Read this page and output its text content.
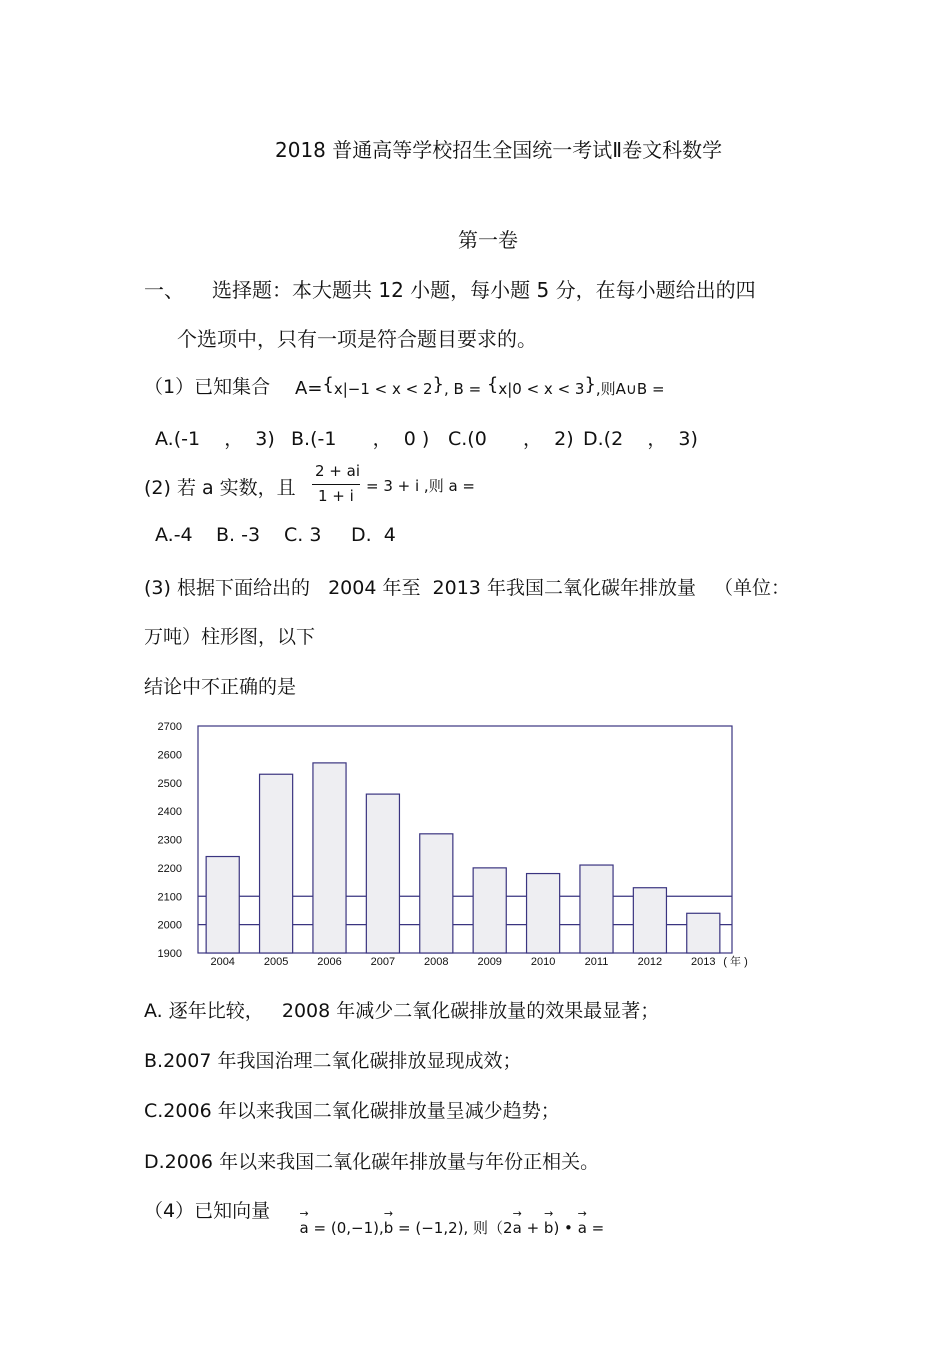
2018 普通高等学校招生全国统一考试Ⅱ卷文科数学
第一卷
一、 选择题：本大题共 12 小题，每小题 5 分，在每小题给出的四
个选项中，只有一项是符合题目要求的。
（1）已知集合 A={x|−1 < x < 2}, B = {x|0 < x < 3},则A∪B =
A.(-1    ，  3) B.(-1      ，  0 ) C.(0      ，  2) D.(2    ，  3)
(2) 若 a 实数，且
2 + ai
1 + i
= 3 + i ,则 a =
A.-4 B. -3 C. 3 D.  4
(3) 根据下面给出的   2004 年至  2013 年我国二氧化碳年排放量   （单位：
万吨）柱形图，以下
结论中不正确的是
1900
2000
2100
2200
2300
2400
2500
2600
2700
2004	2005	2006	2007	2008	2009	2010	2011	2012	2013 ( 年 )
A. 逐年比较，   2008 年减少二氧化碳排放量的效果最显著；
B.2007 年我国治理二氧化碳排放显现成效；
C.2006 年以来我国二氧化碳排放量呈减少趋势；
D.2006 年以来我国二氧化碳年排放量与年份正相关。
（4）已知向量

→ a = (0,−1),→ b = (−1,2), 则（2→ a + → b) • → a =
